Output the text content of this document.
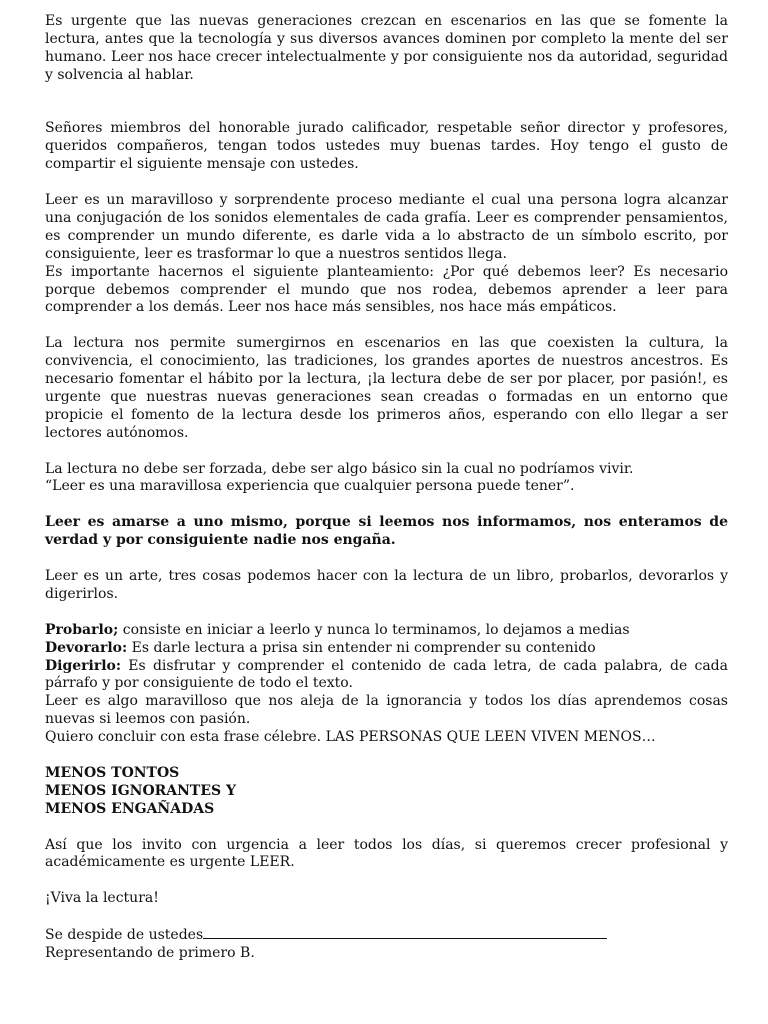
Es urgente que las nuevas generaciones crezcan en escenarios en las que se fomente la lectura, antes que la tecnología y sus diversos avances dominen por completo la mente del ser humano. Leer nos hace crecer intelectualmente y por consiguiente nos da autoridad, seguridad y solvencia al hablar.

Señores miembros del honorable jurado calificador, respetable señor director y profesores, queridos compañeros, tengan todos ustedes muy buenas tardes. Hoy tengo el gusto de compartir el siguiente mensaje con ustedes.

Leer es un maravilloso y sorprendente proceso mediante el cual una persona logra alcanzar una conjugación de los sonidos elementales de cada grafía. Leer es comprender pensamientos, es comprender un mundo diferente, es darle vida a lo abstracto de un símbolo escrito, por consiguiente, leer es trasformar lo que a nuestros sentidos llega.

Es importante hacernos el siguiente planteamiento: ¿Por qué debemos leer? Es necesario porque debemos comprender el mundo que nos rodea, debemos aprender a leer para comprender a los demás. Leer nos hace más sensibles, nos hace más empáticos.

La lectura nos permite sumergirnos en escenarios en las que coexisten la cultura, la convivencia, el conocimiento, las tradiciones, los grandes aportes de nuestros ancestros. Es necesario fomentar el hábito por la lectura, ¡la lectura debe de ser por placer, por pasión!, es urgente que nuestras nuevas generaciones sean creadas o formadas en un entorno que propicie el fomento de la lectura desde los primeros años, esperando con ello llegar a ser lectores autónomos.

La lectura no debe ser forzada, debe ser algo básico sin la cual no podríamos vivir.

“Leer es una maravillosa experiencia que cualquier persona puede tener”.

Leer es amarse a uno mismo, porque si leemos nos informamos, nos enteramos de verdad y por consiguiente nadie nos engaña.

Leer es un arte, tres cosas podemos hacer con la lectura de un libro, probarlos, devorarlos y digerirlos.

Probarlo; consiste en iniciar a leerlo y nunca lo terminamos, lo dejamos a medias

Devorarlo: Es darle lectura a prisa sin entender ni comprender su contenido

Digerirlo: Es disfrutar y comprender el contenido de cada letra, de cada palabra, de cada párrafo y por consiguiente de todo el texto.

Leer es algo maravilloso que nos aleja de la ignorancia y todos los días aprendemos cosas nuevas si leemos con pasión.

Quiero concluir con esta frase célebre. LAS PERSONAS QUE LEEN VIVEN MENOS…

MENOS TONTOS

MENOS IGNORANTES Y

MENOS ENGAÑADAS

Así que los invito con urgencia a leer todos los días, si queremos crecer profesional y académicamente es urgente LEER.

¡Viva la lectura!

Se despide de ustedes

Representando de primero B.
